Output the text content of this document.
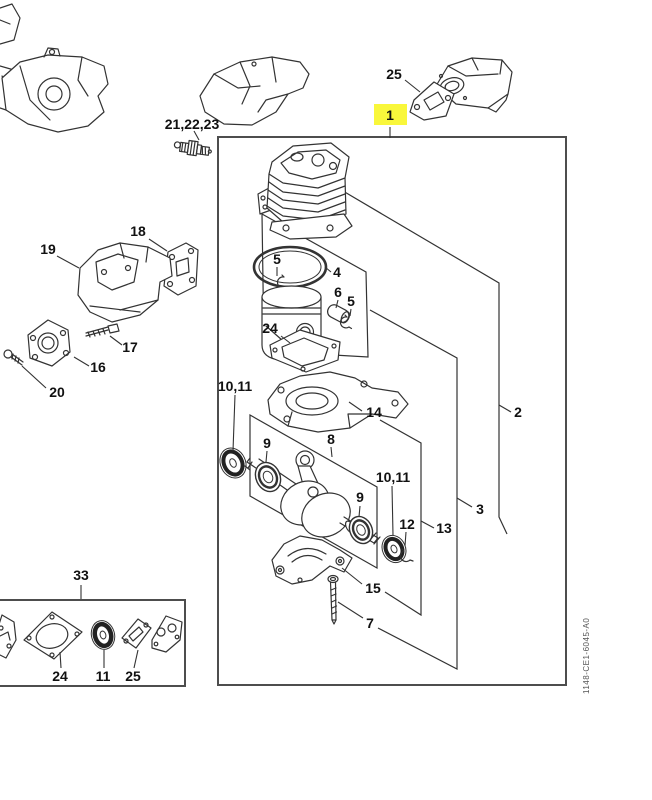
21,22,23
25
1
19
18
17
16
20
5
4
6
5
24
10,11
14
9	8
2
9
10,11
12 13
3
15
7
33
24 11 25	1148-CE1-6045-A0
